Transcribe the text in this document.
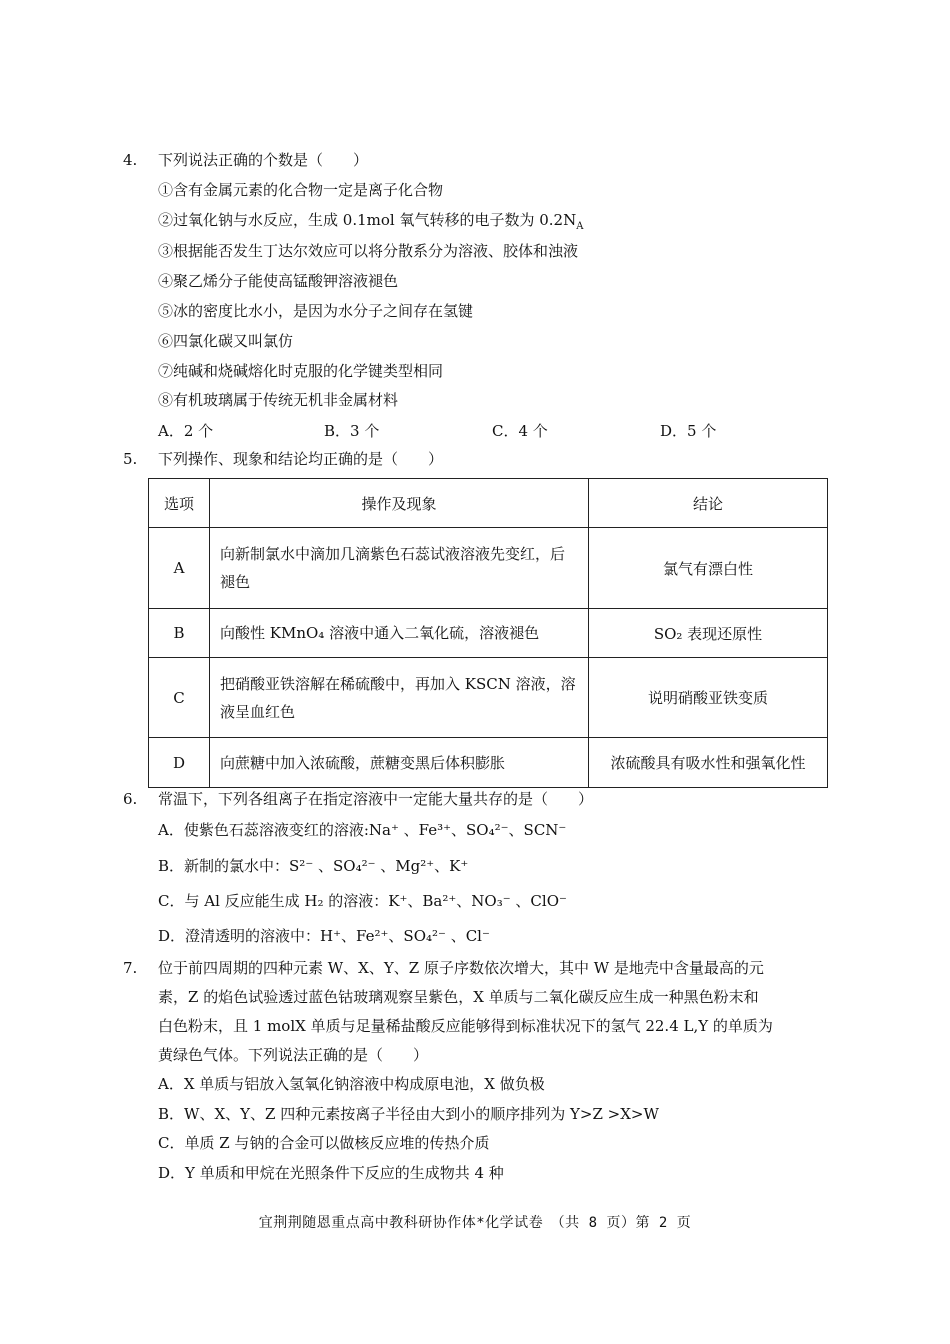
4. 下列说法正确的个数是（　　）
①含有金属元素的化合物一定是离子化合物
②过氧化钠与水反应，生成 0.1mol 氧气转移的电子数为 $0.2N_A$
③根据能否发生丁达尔效应可以将分散系分为溶液、胶体和浊液
④聚乙烯分子能使高锰酸钾溶液褪色
⑤冰的密度比水小，是因为水分子之间存在氢键
⑥四氯化碳又叫氯仿
⑦纯碱和烧碱熔化时克服的化学键类型相同
⑧有机玻璃属于传统无机非金属材料
A．2 个	B．3 个	C．4 个	D．5 个
5. 下列操作、现象和结论均正确的是（　　）
选项	操作及现象	结论
A	向新制氯水中滴加几滴紫色石蕊试液溶液先变红，后褪色	氯气有漂白性
B	向酸性 KMnO₄ 溶液中通入二氧化硫，溶液褪色	SO₂ 表现还原性
C	把硝酸亚铁溶解在稀硫酸中，再加入 KSCN 溶液，溶液呈血红色	说明硝酸亚铁变质
D	向蔗糖中加入浓硫酸，蔗糖变黑后体积膨胀	浓硫酸具有吸水性和强氧化性
6. 常温下，下列各组离子在指定溶液中一定能大量共存的是（　　）
A．使紫色石蕊溶液变红的溶液:Na⁺ 、Fe³⁺、SO₄²⁻、SCN⁻
B．新制的氯水中：S²⁻ 、SO₄²⁻ 、Mg²⁺、K⁺
C．与 Al 反应能生成 H₂ 的溶液：K⁺、Ba²⁺、NO₃⁻ 、ClO⁻
D．澄清透明的溶液中：H⁺、Fe²⁺、SO₄²⁻ 、Cl⁻
7. 位于前四周期的四种元素 W、X、Y、Z 原子序数依次增大，其中 W 是地壳中含量最高的元
素，Z 的焰色试验透过蓝色钴玻璃观察呈紫色，X 单质与二氧化碳反应生成一种黑色粉末和
白色粉末，且 1 molX 单质与足量稀盐酸反应能够得到标准状况下的氢气 22.4 L,Y 的单质为
黄绿色气体。下列说法正确的是（　　）
A．X 单质与铝放入氢氧化钠溶液中构成原电池，X 做负极
B．W、X、Y、Z 四种元素按离子半径由大到小的顺序排列为 Y>Z >X>W
C．单质 Z 与钠的合金可以做核反应堆的传热介质
D．Y 单质和甲烷在光照条件下反应的生成物共 4 种
宜荆荆随恩重点高中教科研协作体*化学试卷　（共 8 页）第 2 页
